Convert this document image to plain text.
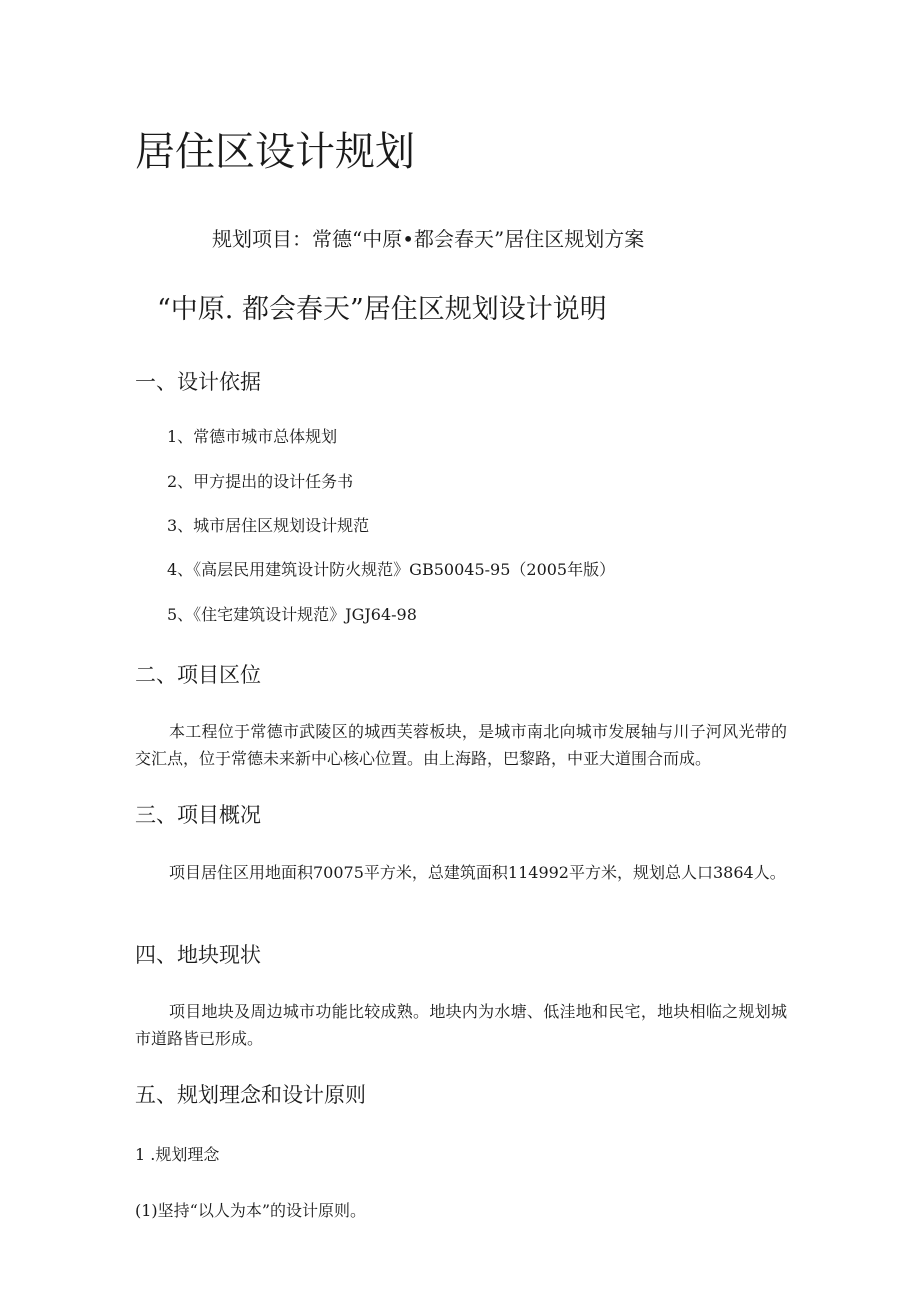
居住区设计规划
规划项目：常德“中原•都会春天”居住区规划方案
“中原. 都会春天”居住区规划设计说明
一、设计依据
1、常德市城市总体规划
2、甲方提出的设计任务书
3、城市居住区规划设计规范
4、《高层民用建筑设计防火规范》GB50045-95（2005年版）
5、《住宅建筑设计规范》JGJ64-98
二、项目区位
本工程位于常德市武陵区的城西芙蓉板块，是城市南北向城市发展轴与川子河风光带的交汇点，位于常德未来新中心核心位置。由上海路，巴黎路，中亚大道围合而成。
三、项目概况
项目居住区用地面积70075平方米，总建筑面积114992平方米，规划总人口3864人。
四、地块现状
项目地块及周边城市功能比较成熟。地块内为水塘、低洼地和民宅，地块相临之规划城市道路皆已形成。
五、规划理念和设计原则
1 .规划理念
(1)坚持“以人为本”的设计原则。
